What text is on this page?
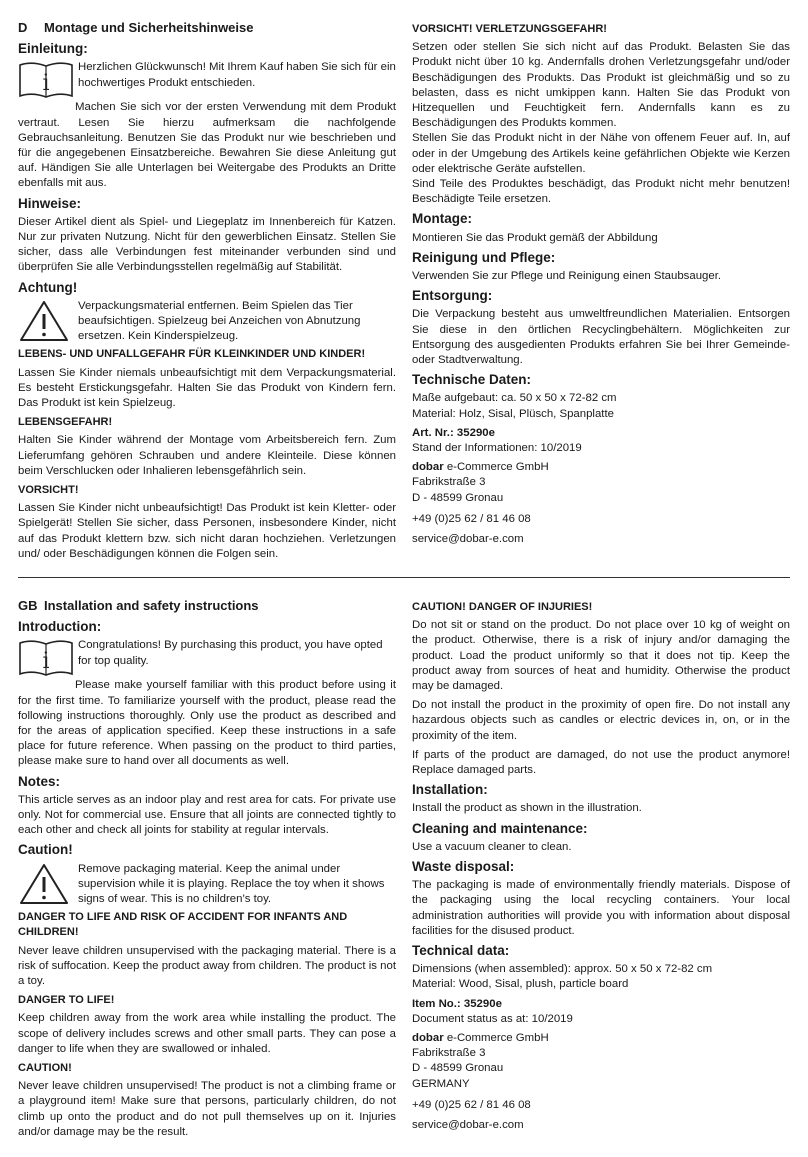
D Montage und Sicherheitshinweise
Einleitung:
i
Herzlichen Glückwunsch! Mit Ihrem Kauf haben Sie sich für ein hochwertiges Produkt entschieden.

Machen Sie sich vor der ersten Verwendung mit dem Produkt vertraut. Lesen Sie hierzu aufmerksam die nachfolgende Gebrauchsanleitung. Benutzen Sie das Produkt nur wie beschrieben und für die angegebenen Einsatzbereiche. Bewahren Sie diese Anleitung gut auf. Händigen Sie alle Unterlagen bei Weitergabe des Produkts an Dritte ebenfalls mit aus.

Hinweise:

Dieser Artikel dient als Spiel- und Liegeplatz im Innenbereich für Katzen. Nur zur privaten Nutzung. Nicht für den gewerblichen Einsatz. Stellen Sie sicher, dass alle Verbindungen fest miteinander verbunden sind und überprüfen Sie alle Verbindungsstellen regelmäßig auf Stabilität.

Achtung!
Verpackungsmaterial entfernen. Beim Spielen das Tier beaufsichtigen. Spielzeug bei Anzeichen von Abnutzung ersetzen. Kein Kinderspielzeug.
LEBENS- UND UNFALLGEFAHR FÜR KLEINKINDER UND KINDER!

Lassen Sie Kinder niemals unbeaufsichtigt mit dem Verpackungsmaterial. Es besteht Erstickungsgefahr. Halten Sie das Produkt von Kindern fern. Das Produkt ist kein Spielzeug.

LEBENSGEFAHR!

Halten Sie Kinder während der Montage vom Arbeitsbereich fern. Zum Lieferumfang gehören Schrauben und andere Kleinteile. Diese können beim Verschlucken oder Inhalieren lebensgefährlich sein.

VORSICHT!

Lassen Sie Kinder nicht unbeaufsichtigt! Das Produkt ist kein Kletter- oder Spielgerät! Stellen Sie sicher, dass Personen, insbesondere Kinder, nicht auf das Produkt klettern bzw. sich nicht daran hochziehen. Verletzungen und/ oder Beschädigungen können die Folgen sein.

VORSICHT! VERLETZUNGSGEFAHR!

Setzen oder stellen Sie sich nicht auf das Produkt. Belasten Sie das Produkt nicht über 10 kg. Andernfalls drohen Verletzungsgefahr und/oder Beschädigungen des Produkts. Das Produkt ist gleichmäßig und so zu belasten, dass es nicht umkippen kann. Halten Sie das Produkt von Hitzequellen und Feuchtigkeit fern. Andernfalls kann es zu Beschädigungen des Produkts kommen.

Stellen Sie das Produkt nicht in der Nähe von offenem Feuer auf. In, auf oder in der Umgebung des Artikels keine gefährlichen Objekte wie Kerzen oder elektrische Geräte aufstellen.

Sind Teile des Produktes beschädigt, das Produkt nicht mehr benutzen! Beschädigte Teile ersetzen.

Montage:

Montieren Sie das Produkt gemäß der Abbildung

Reinigung und Pflege:

Verwenden Sie zur Pflege und Reinigung einen Staubsauger.

Entsorgung:

Die Verpackung besteht aus umweltfreundlichen Materialien. Entsorgen Sie diese in den örtlichen Recyclingbehältern. Möglichkeiten zur Entsorgung des ausgedienten Produkts erfahren Sie bei Ihrer Gemeinde- oder Stadtverwaltung.

Technische Daten:
Maße aufgebaut: ca. 50 x 50 x 72-82 cm
Material: Holz, Sisal, Plüsch, Spanplatte
Art. Nr.: 35290e
Stand der Informationen: 10/2019
dobar e-Commerce GmbH
Fabrikstraße 3
D - 48599 Gronau
+49 (0)25 62 / 81 46 08
service@dobar-e.com
GB Installation and safety instructions
Introduction:
i
Congratulations! By purchasing this product, you have opted for top quality.

Please make yourself familiar with this product before using it for the first time. To familiarize yourself with the product, please read the following instructions thoroughly. Only use the product as described and for the areas of application specified. Keep these instructions in a safe place for future reference. When passing on the product to third parties, please make sure to hand over all documents as well.

Notes:

This article serves as an indoor play and rest area for cats. For private use only. Not for commercial use. Ensure that all joints are connected tightly to each other and check all joints for stability at regular intervals.

Caution!
Remove packaging material. Keep the animal under supervision while it is playing. Replace the toy when it shows signs of wear. This is no children’s toy.
DANGER TO LIFE AND RISK OF ACCIDENT FOR INFANTS AND CHILDREN!

Never leave children unsupervised with the packaging material. There is a risk of suffocation. Keep the product away from children. The product is not a toy.

DANGER TO LIFE!

Keep children away from the work area while installing the product. The scope of delivery includes screws and other small parts. They can pose a danger to life when they are swallowed or inhaled.

CAUTION!

Never leave children unsupervised! The product is not a climbing frame or a playground item! Make sure that persons, particularly children, do not climb up onto the product and do not pull themselves up on it. Injuries and/or damage may be the result.

CAUTION! DANGER OF INJURIES!

Do not sit or stand on the product. Do not place over 10 kg of weight on the product. Otherwise, there is a risk of injury and/or damaging the product. Load the product uniformly so that it does not tip. Keep the product away from sources of heat and humidity. Otherwise the product may be damaged.

Do not install the product in the proximity of open fire. Do not install any hazardous objects such as candles or electric devices in, on, or in the proximity of the item.

If parts of the product are damaged, do not use the product anymore! Replace damaged parts.

Installation:

Install the product as shown in the illustration.

Cleaning and maintenance:

Use a vacuum cleaner to clean.

Waste disposal:

The packaging is made of environmentally friendly materials. Dispose of the packaging using the local recycling containers. Your local administration authorities will provide you with information about disposal facilities for the disused product.

Technical data:
Dimensions (when assembled): approx. 50 x 50 x 72-82 cm
Material: Wood, Sisal, plush, particle board
Item No.: 35290e
Document status as at: 10/2019
dobar e-Commerce GmbH
Fabrikstraße 3
D - 48599 Gronau
GERMANY
+49 (0)25 62 / 81 46 08
service@dobar-e.com
